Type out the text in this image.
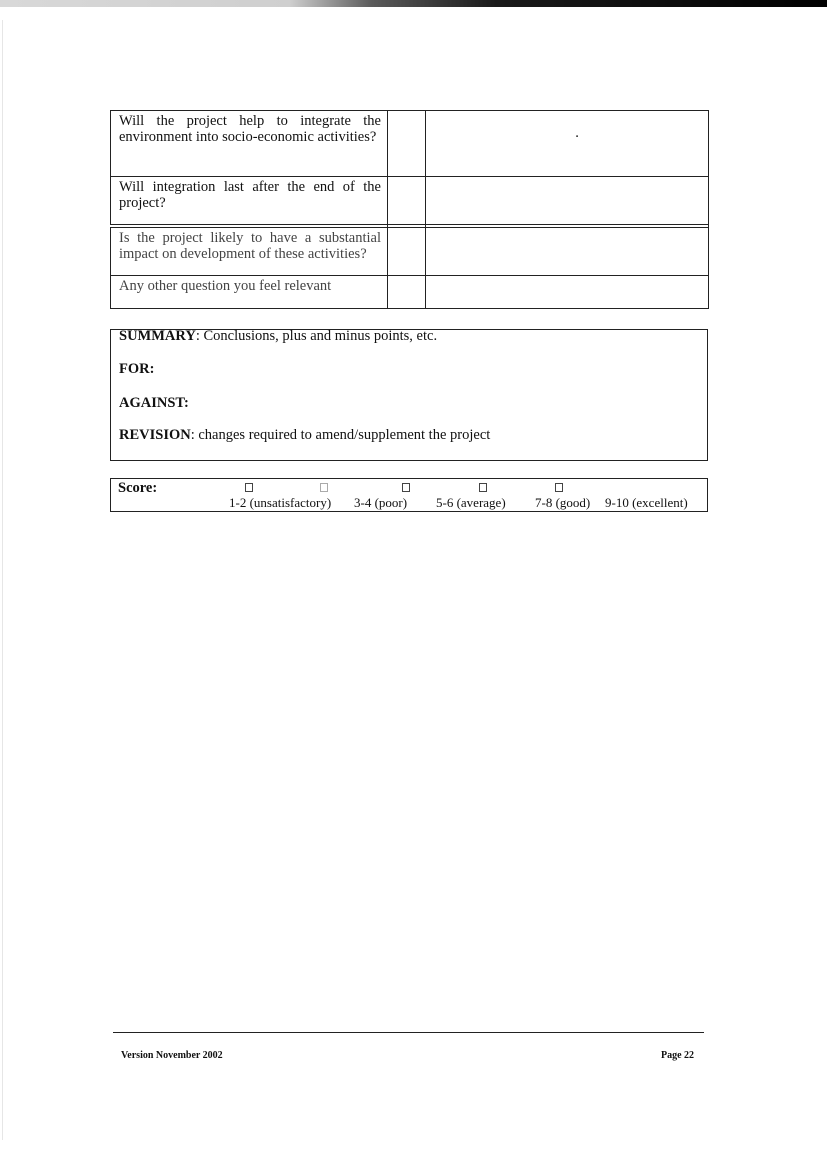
Will the project help to integrate the environment into socio-economic activities?		.
Will integration last after the end of the project?		

Is the project likely to have a substantial impact on development of these activities?		
Any other question you feel relevant		
SUMMARY: Conclusions, plus and minus points, etc.
FOR:
AGAINST:
REVISION: changes required to amend/supplement the project
Score:
1-2 (unsatisfactory) 3-4 (poor) 5-6 (average) 7-8 (good) 9-10 (excellent)
Version November 2002	Page 22
